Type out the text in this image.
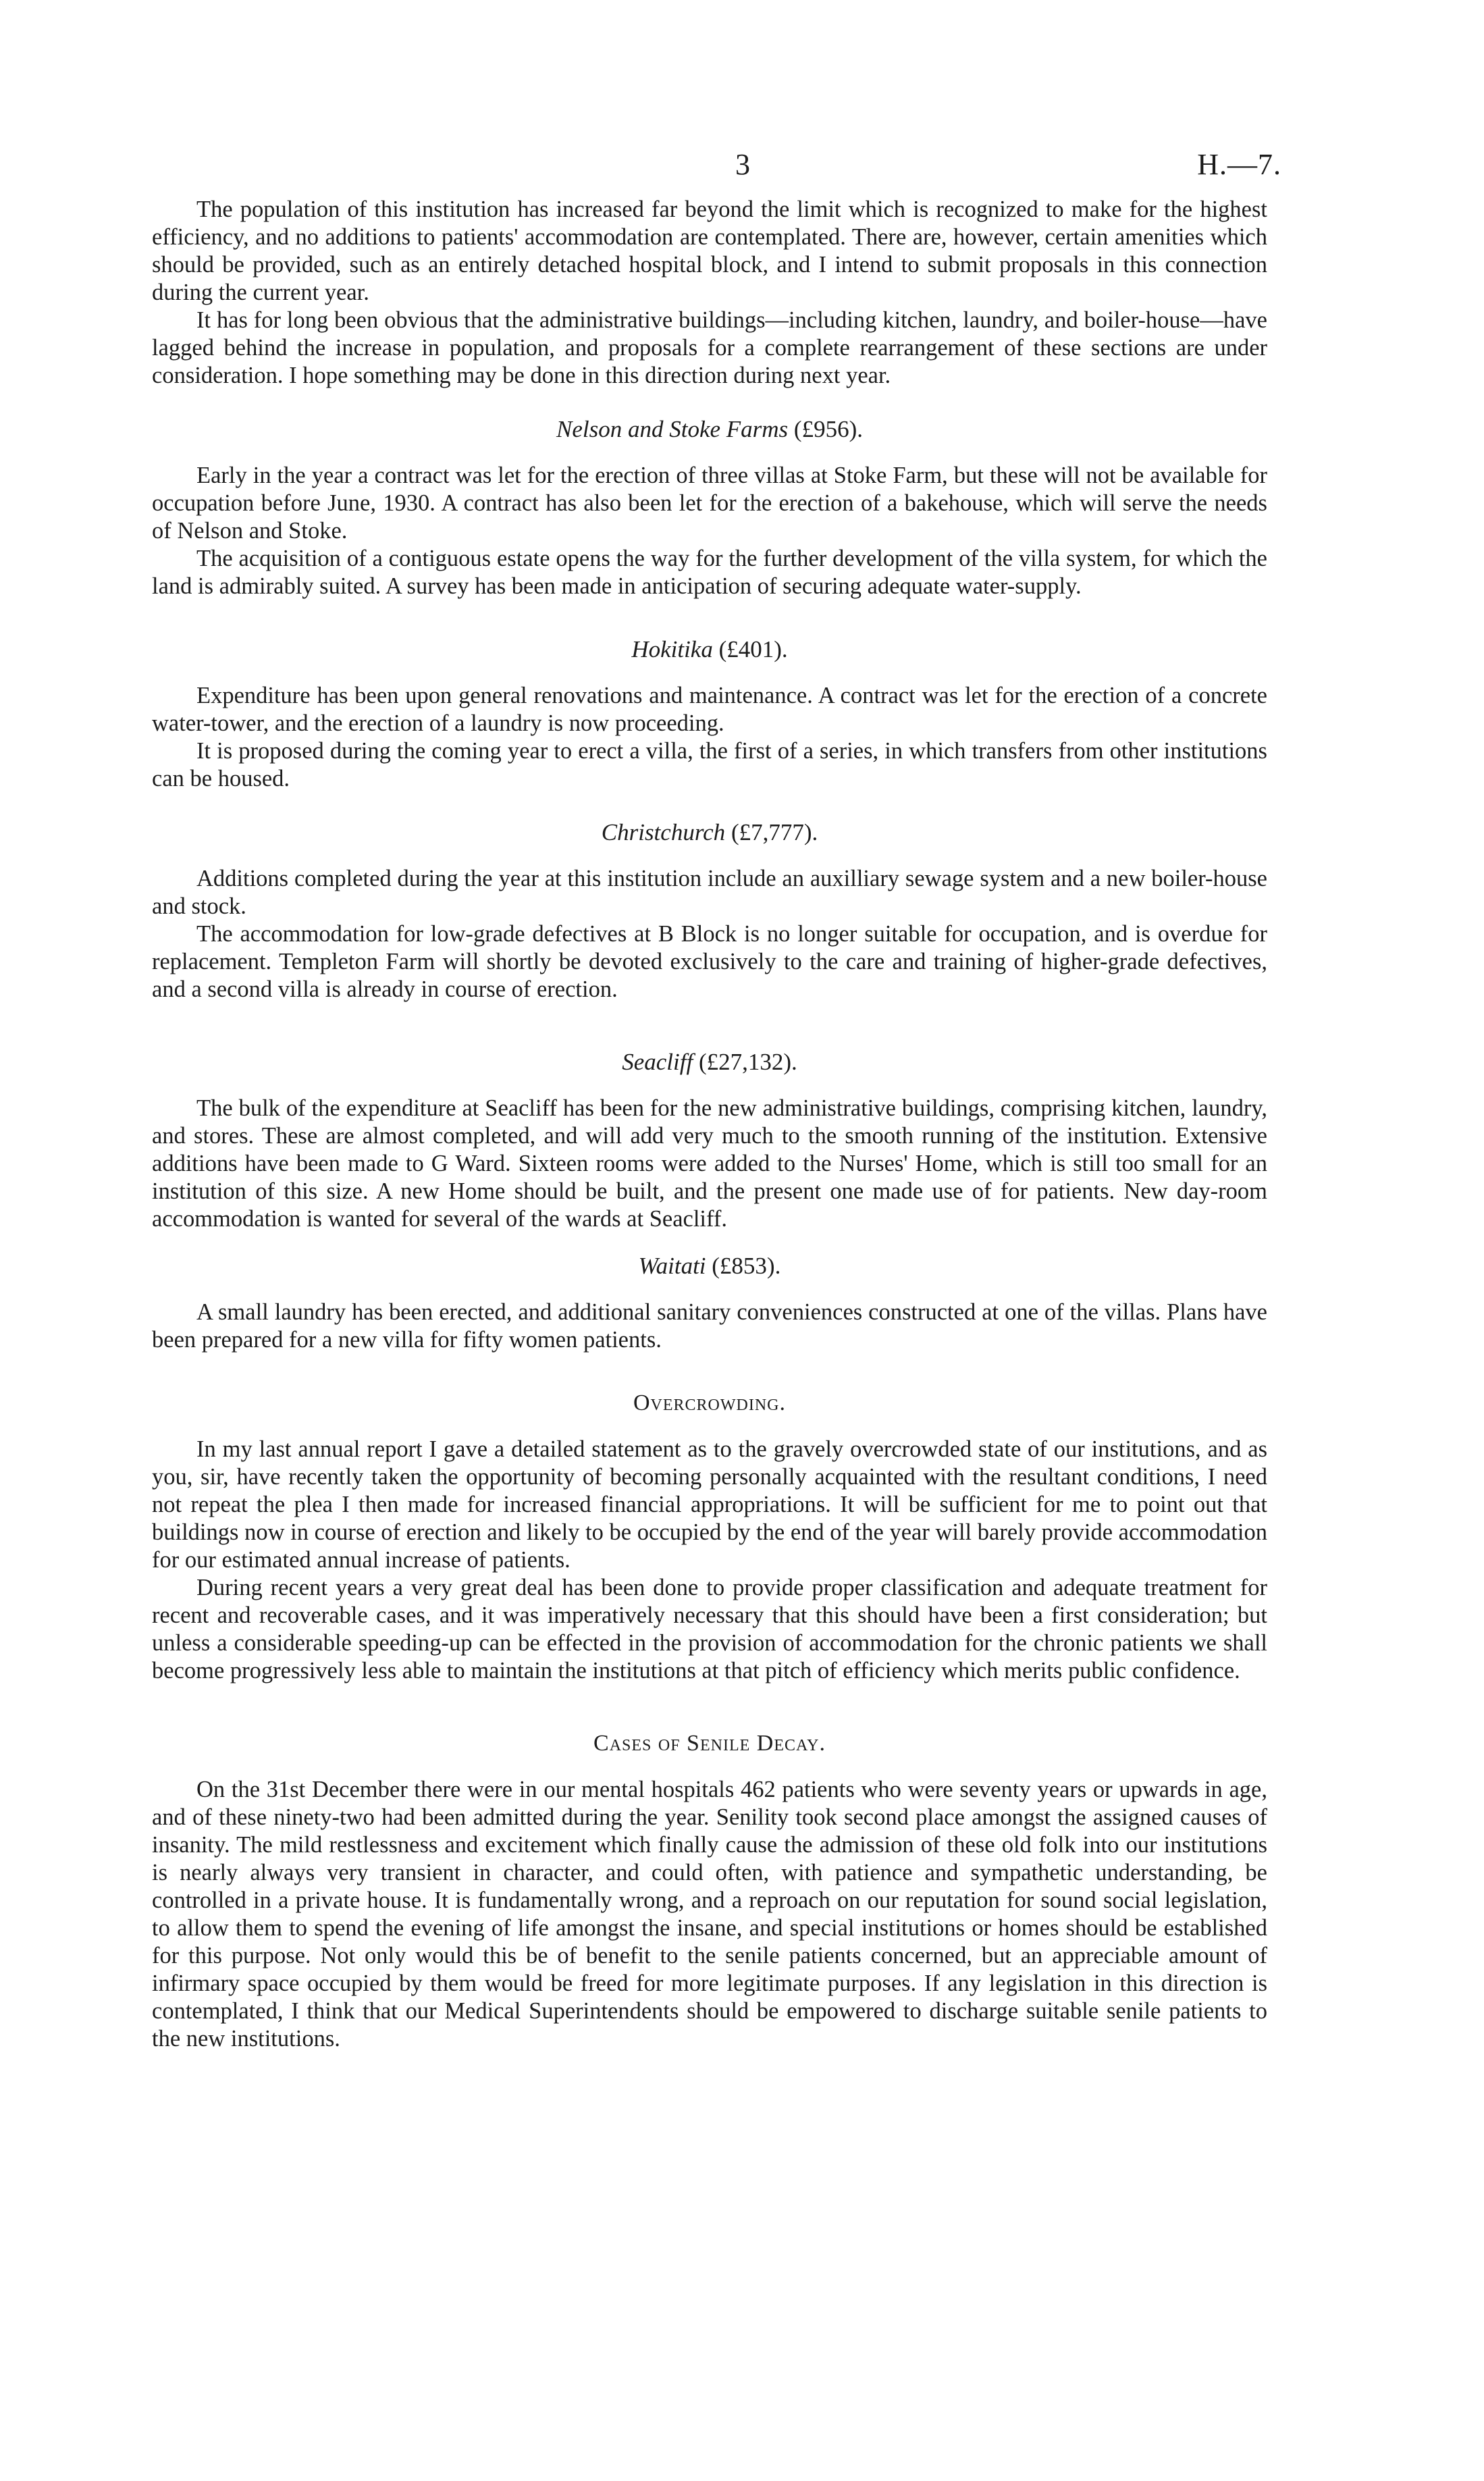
3	H.—7.

The population of this institution has increased far beyond the limit which is recognized to make for the highest efficiency, and no additions to patients' accommodation are contemplated. There are, however, certain amenities which should be provided, such as an entirely detached hospital block, and I intend to submit proposals in this connection during the current year.

It has for long been obvious that the administrative buildings—including kitchen, laundry, and boiler-house—have lagged behind the increase in population, and proposals for a complete rearrangement of these sections are under consideration. I hope something may be done in this direction during next year.

Nelson and Stoke Farms (£956).

Early in the year a contract was let for the erection of three villas at Stoke Farm, but these will not be available for occupation before June, 1930. A contract has also been let for the erection of a bakehouse, which will serve the needs of Nelson and Stoke.

The acquisition of a contiguous estate opens the way for the further development of the villa system, for which the land is admirably suited. A survey has been made in anticipation of securing adequate water-supply.

Hokitika (£401).

Expenditure has been upon general renovations and maintenance. A contract was let for the erection of a concrete water-tower, and the erection of a laundry is now proceeding.

It is proposed during the coming year to erect a villa, the first of a series, in which transfers from other institutions can be housed.

Christchurch (£7,777).

Additions completed during the year at this institution include an auxilliary sewage system and a new boiler-house and stock.

The accommodation for low-grade defectives at B Block is no longer suitable for occupation, and is overdue for replacement. Templeton Farm will shortly be devoted exclusively to the care and training of higher-grade defectives, and a second villa is already in course of erection.

Seacliff (£27,132).

The bulk of the expenditure at Seacliff has been for the new administrative buildings, comprising kitchen, laundry, and stores. These are almost completed, and will add very much to the smooth running of the institution. Extensive additions have been made to G Ward. Sixteen rooms were added to the Nurses' Home, which is still too small for an institution of this size. A new Home should be built, and the present one made use of for patients. New day-room accommodation is wanted for several of the wards at Seacliff.

Waitati (£853).

A small laundry has been erected, and additional sanitary conveniences constructed at one of the villas. Plans have been prepared for a new villa for fifty women patients.

Overcrowding.

In my last annual report I gave a detailed statement as to the gravely overcrowded state of our institutions, and as you, sir, have recently taken the opportunity of becoming personally acquainted with the resultant conditions, I need not repeat the plea I then made for increased financial appropriations. It will be sufficient for me to point out that buildings now in course of erection and likely to be occupied by the end of the year will barely provide accommodation for our estimated annual increase of patients.

During recent years a very great deal has been done to provide proper classification and adequate treatment for recent and recoverable cases, and it was imperatively necessary that this should have been a first consideration; but unless a considerable speeding-up can be effected in the provision of accommodation for the chronic patients we shall become progressively less able to maintain the institutions at that pitch of efficiency which merits public confidence.

Cases of Senile Decay.

On the 31st December there were in our mental hospitals 462 patients who were seventy years or upwards in age, and of these ninety-two had been admitted during the year. Senility took second place amongst the assigned causes of insanity. The mild restlessness and excitement which finally cause the admission of these old folk into our institutions is nearly always very transient in character, and could often, with patience and sympathetic understanding, be controlled in a private house. It is fundamentally wrong, and a reproach on our reputation for sound social legislation, to allow them to spend the evening of life amongst the insane, and special institutions or homes should be established for this purpose. Not only would this be of benefit to the senile patients concerned, but an appreciable amount of infirmary space occupied by them would be freed for more legitimate purposes. If any legislation in this direction is contemplated, I think that our Medical Superintendents should be empowered to discharge suitable senile patients to the new institutions.
